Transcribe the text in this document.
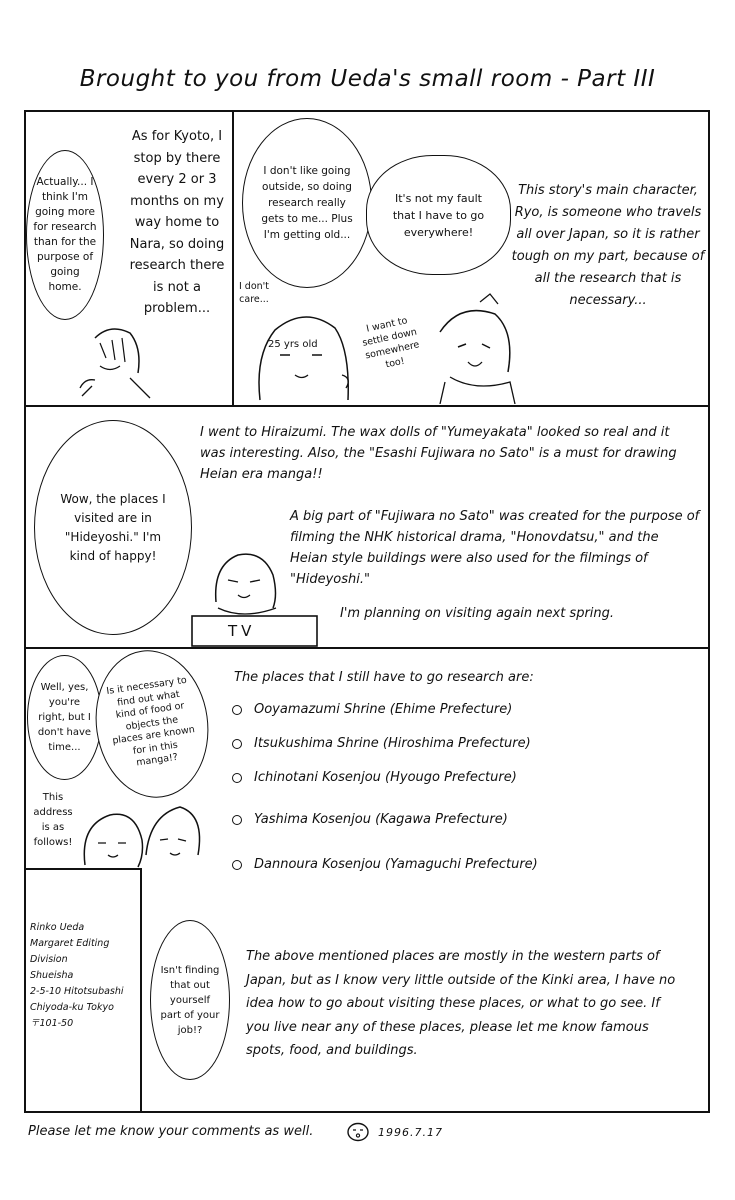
Brought to you from Ueda's small room - Part III
Actually... I think I'm going more for research than for the purpose of going home.
As for Kyoto, I stop by there every 2 or 3 months on my way home to Nara, so doing research there is not a problem...
I don't like going outside, so doing research really gets to me... Plus I'm getting old...
I don't care...
25 yrs old
It's not my fault that I have to go everywhere!
I want to settle down somewhere too!
This story's main character, Ryo, is someone who travels all over Japan, so it is rather tough on my part, because of all the research that is necessary...
Wow, the places I visited are in "Hideyoshi." I'm kind of happy!
I went to Hiraizumi. The wax dolls of "Yumeyakata" looked so real and it was interesting. Also, the "Esashi Fujiwara no Sato" is a must for drawing Heian era manga!!
A big part of "Fujiwara no Sato" was created for the purpose of filming the NHK historical drama, "Honovdatsu," and the Heian style buildings were also used for the filmings of "Hideyoshi."
I'm planning on visiting again next spring.
TV
Well, yes, you're right, but I don't have time...
Is it necessary to find out what kind of food or objects the places are known for in this manga!?
This address is as follows!
The places that I still have to go research are:
Ooyamazumi Shrine (Ehime Prefecture)
Itsukushima Shrine (Hiroshima Prefecture)
Ichinotani Kosenjou (Hyougo Prefecture)
Yashima Kosenjou (Kagawa Prefecture)
Dannoura Kosenjou (Yamaguchi Prefecture)
Rinko Ueda
Margaret Editing Division
Shueisha
2-5-10 Hitotsubashi
Chiyoda-ku Tokyo
〒101-50
Isn't finding that out yourself part of your job!?
The above mentioned places are mostly in the western parts of Japan, but as I know very little outside of the Kinki area, I have no idea how to go about visiting these places, or what to go see. If you live near any of these places, please let me know famous spots, food, and buildings.
Please let me know your comments as well.	1996.7.17
